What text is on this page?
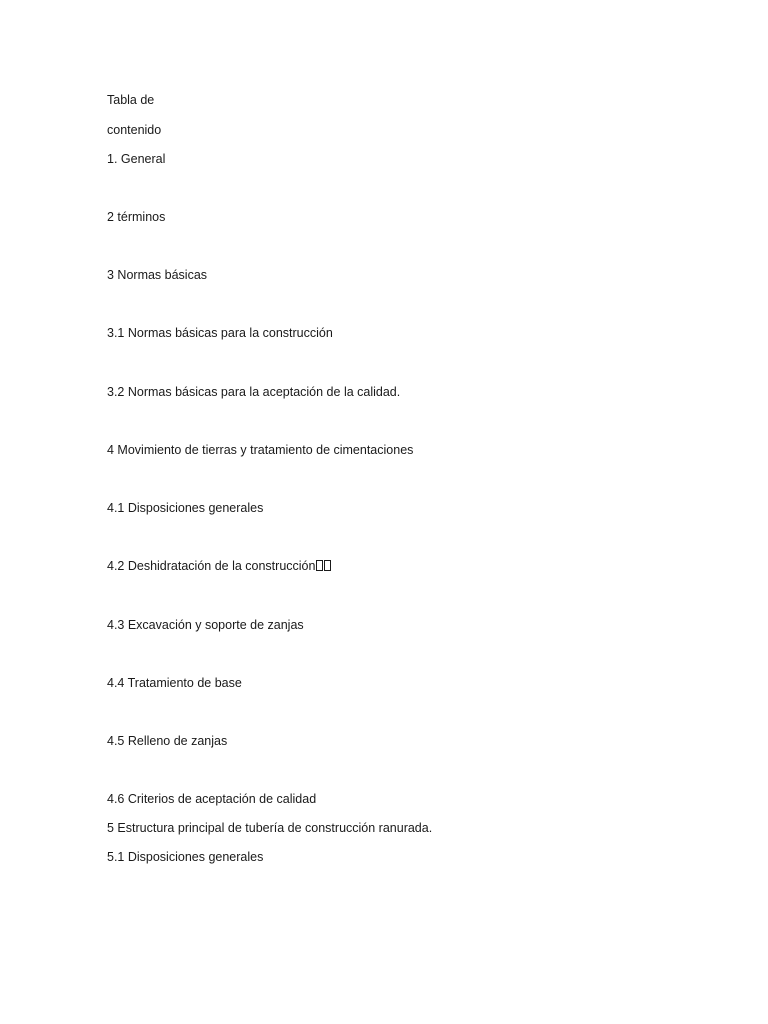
Tabla de
contenido
1. General
2 términos
3 Normas básicas
3.1 Normas básicas para la construcción
3.2 Normas básicas para la aceptación de la calidad.
4 Movimiento de tierras y tratamiento de cimentaciones
4.1 Disposiciones generales
4.2 Deshidratación de la construcción
4.3 Excavación y soporte de zanjas
4.4 Tratamiento de base
4.5 Relleno de zanjas
4.6 Criterios de aceptación de calidad
5 Estructura principal de tubería de construcción ranurada.
5.1 Disposiciones generales
